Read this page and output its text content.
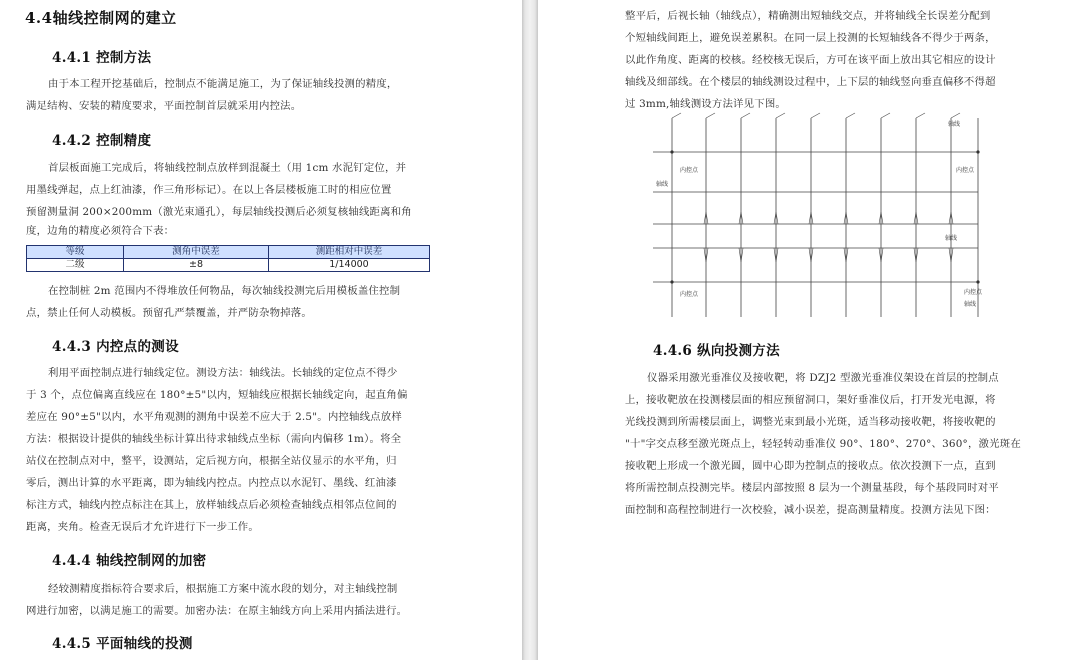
4.4轴线控制网的建立
4.4.1 控制方法
由于本工程开挖基础后，控制点不能满足施工，为了保证轴线投测的精度，
满足结构、安装的精度要求，平面控制首层就采用内控法。
4.4.2 控制精度
首层板面施工完成后，将轴线控制点放样到混凝土（用 1cm 水泥钉定位，并
用墨线弹起，点上红油漆，作三角形标记）。在以上各层楼板施工时的相应位置
预留测量洞 200×200mm（激光束通孔），每层轴线投测后必须复核轴线距离和角
度，边角的精度必须符合下表：
等级	测角中误差	测距相对中误差
二级	±8	1/14000
在控制桩 2m 范围内不得堆放任何物品，每次轴线投测完后用模板盖住控制
点，禁止任何人动模板。预留孔严禁覆盖，并严防杂物掉落。
4.4.3 内控点的测设
利用平面控制点进行轴线定位。测设方法：轴线法。长轴线的定位点不得少
于 3 个，点位偏离直线应在 180°±5"以内，短轴线应根据长轴线定向，起直角偏
差应在 90°±5"以内，水平角观测的测角中误差不应大于 2.5"。内控轴线点放样
方法：根据设计提供的轴线坐标计算出待求轴线点坐标（需向内偏移 1m）。将全
站仪在控制点对中，整平，设测站，定后视方向，根据全站仪显示的水平角，归
零后，测出计算的水平距离，即为轴线内控点。内控点以水泥钉、墨线、红油漆
标注方式，轴线内控点标注在其上，放样轴线点后必须检查轴线点相邻点位间的
距离，夹角。检查无误后才允许进行下一步工作。
4.4.4 轴线控制网的加密
经较测精度指标符合要求后，根据施工方案中流水段的划分，对主轴线控制
网进行加密，以满足施工的需要。加密办法：在原主轴线方向上采用内插法进行。
4.4.5 平面轴线的投测
整平后，后视长轴（轴线点），精确测出短轴线交点，并将轴线全长误差分配到
个短轴线间距上，避免误差累积。在同一层上投测的长短轴线各不得少于两条，
以此作角度、距离的校核。经校核无误后，方可在该平面上放出其它相应的设计
轴线及细部线。在个楼层的轴线测设过程中，上下层的轴线竖向垂直偏移不得超
过 3mm,轴线测设方法详见下图。
轴线
轴线
内控点
轴线
内控点
轴线
内控点
内控点
4.4.6 纵向投测方法
仪器采用激光垂准仪及接收靶，将 DZJ2 型激光垂准仪架设在首层的控制点
上，接收靶放在投测楼层面的相应预留洞口，架好垂准仪后，打开发光电源，将
光线投测到所需楼层面上，调整光束到最小光斑，适当移动接收靶，将接收靶的
"十"字交点移至激光斑点上，轻轻转动垂准仪 90°、180°、270°、360°，激光斑在
接收靶上形成一个激光圆，圆中心即为控制点的接收点。依次投测下一点，直到
将所需控制点投测完毕。楼层内部按照 8 层为一个测量基段，每个基段同时对平
面控制和高程控制进行一次校验，减小误差，提高测量精度。投测方法见下图：
